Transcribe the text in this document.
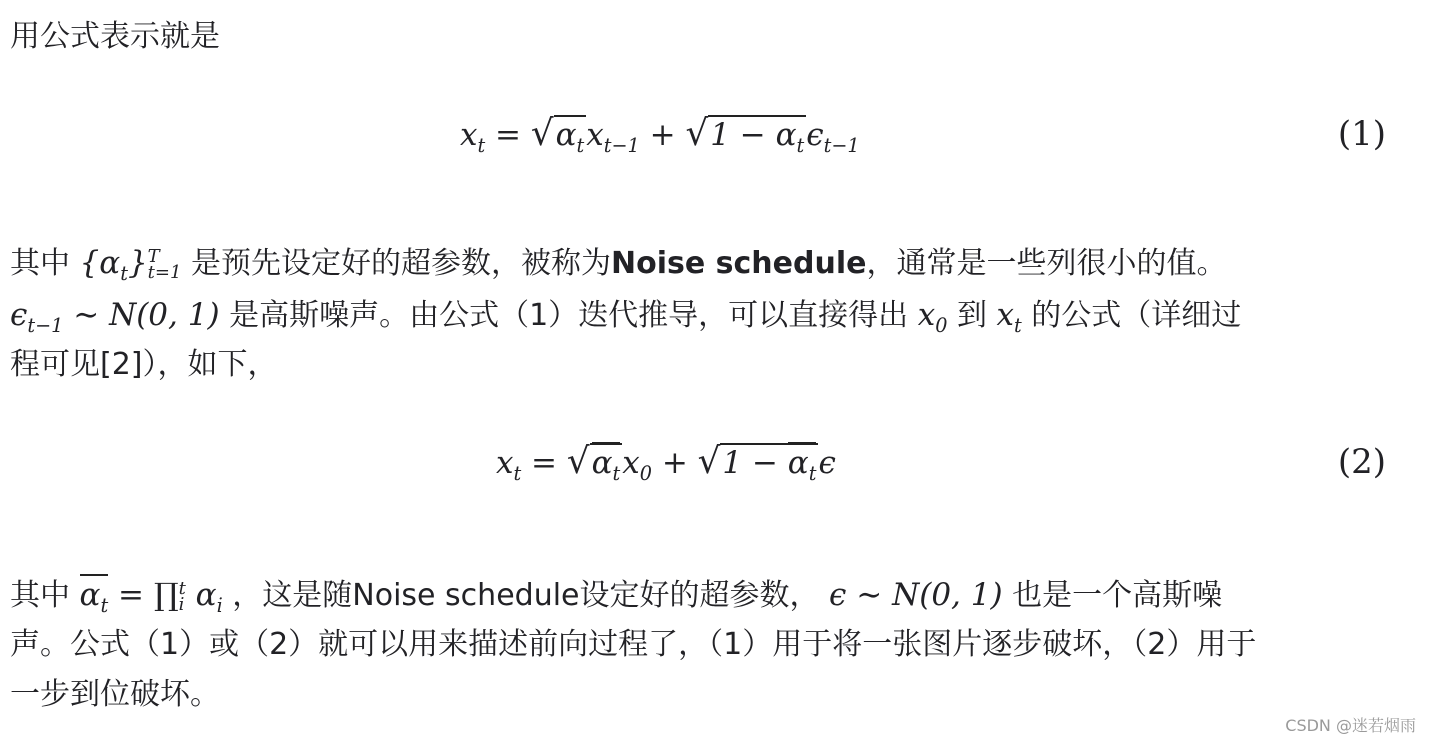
用公式表示就是

$x_t = √\alpha_tx_{t-1} + √1 - \alpha_t\epsilon_{t-1}$	(1)

其中 $\{\alpha_t\}$ T
t=1 是预先设定好的超参数，被称为Noise schedule，通常是一些列很小的值。

$\epsilon_{t-1}$ ∼ N(0, 1) 是高斯噪声。由公式（1）迭代推导，可以直接得出 $x_0$ 到 $x_t$ 的公式（详细过

程可见[2]），如下，

$x_t = √\alpha_tx_0 + √1 - \alpha_t\epsilon$	(2)

其中 $\alpha_t$ = ∏ t
i $\alpha_i$ ，这是随Noise schedule设定好的超参数， ϵ ∼ N(0, 1) 也是一个高斯噪

声。公式（1）或（2）就可以用来描述前向过程了，（1）用于将一张图片逐步破坏，（2）用于

一步到位破坏。

CSDN @迷若烟雨
